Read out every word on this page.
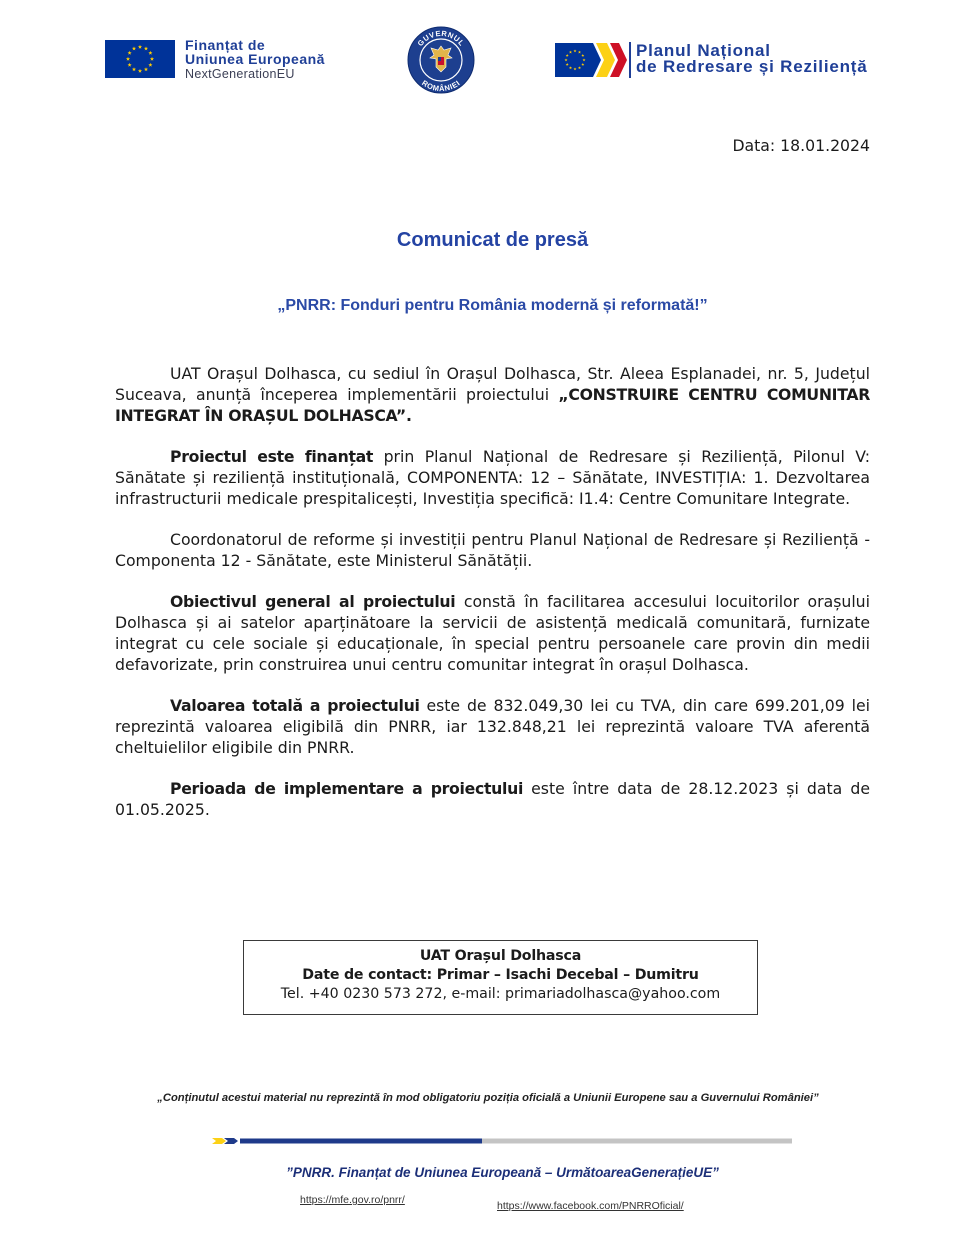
Finanțat de
Uniunea Europeană
NextGenerationEU
GUVERNUL
ROMÂNIEI
Planul Național
de Redresare și Reziliență
Data: 18.01.2024
Comunicat de presă
„PNRR: Fonduri pentru România modernă și reformată!”

UAT Orașul Dolhasca, cu sediul în Orașul Dolhasca, Str. Aleea Esplanadei, nr. 5, Județul Suceava, anunță începerea implementării proiectului „CONSTRUIRE CENTRU COMUNITAR INTEGRAT ÎN ORAȘUL DOLHASCA”.

Proiectul este finanțat prin Planul Național de Redresare și Reziliență, Pilonul V: Sănătate și reziliență instituțională, COMPONENTA: 12 – Sănătate, INVESTIȚIA: 1. Dezvoltarea infrastructurii medicale prespitalicești, Investiția specifică: I1.4: Centre Comunitare Integrate.

Coordonatorul de reforme și investiții pentru Planul Național de Redresare și Reziliență - Componenta 12 - Sănătate, este Ministerul Sănătății.

Obiectivul general al proiectului constă în facilitarea accesului locuitorilor orașului Dolhasca și ai satelor aparținătoare la servicii de asistență medicală comunitară, furnizate integrat cu cele sociale și educaționale, în special pentru persoanele care provin din medii defavorizate, prin construirea unui centru comunitar integrat în orașul Dolhasca.

Valoarea totală a proiectului este de 832.049,30 lei cu TVA, din care 699.201,09 lei reprezintă valoarea eligibilă din PNRR, iar 132.848,21 lei reprezintă valoare TVA aferentă cheltuielilor eligibile din PNRR.

Perioada de implementare a proiectului este între data de 28.12.2023 și data de 01.05.2025.

UAT Orașul Dolhasca
Date de contact: Primar – Isachi Decebal – Dumitru
Tel. +40 0230 573 272, e-mail: primariadolhasca@yahoo.com
„Conținutul acestui material nu reprezintă în mod obligatoriu poziția oficială a Uniunii Europene sau a Guvernului României”
”PNRR. Finanțat de Uniunea Europeană – UrmătoareaGenerațieUE”
https://mfe.gov.ro/pnrr/	https://www.facebook.com/PNRROficial/
